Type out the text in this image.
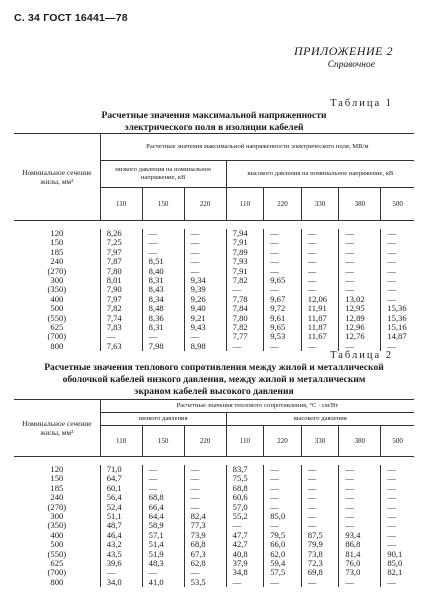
С. 34 ГОСТ 16441—78
ПРИЛОЖЕНИЕ 2
Справочное
Таблица 1
Расчетные значения максимальной напряженности
электрического поля в изоляции кабелей
Номинальное сечение жилы, мм²	Расчетные значения максимальной напряженности электрического поля, МВ/м							
	низкого давления на номинальное напряжение, кВ			высокого давления на номинальное напряжение, кВ				
	110	150	220	110	220	330	380	500

120	8,26	—	—	7,94	—	—	—	—
150	7,25	—	—	7,91	—	—	—	—
185	7,97	—	—	7,89	—	—	—	—
240	7,87	8,51	—	7,93	—	—	—	—
(270)	7,80	8,40	—	7,91	—	—	—	—
300	8,01	8,31	9,34	7,82	9,65	—	—	—
(350)	7,90	8,43	9,39	—	—	—	—	—
400	7,97	8,34	9,26	7,78	9,67	12,06	13,02	—
500	7,82	8,48	9,40	7,84	9,72	11,91	12,95	15,36
(550)	7,74	8,36	9,21	7,80	9,61	11,87	12,89	15,36
625	7,83	8,31	9,43	7,82	9,65	11,87	12,96	15,16
(700)	—	—	—	7,77	9,53	11,67	12,76	14,87
800	7,63	7,98	8,98	—	—	—	—	—
Таблица 2
Расчетные значения теплового сопротивления между жилой и металлической
оболочкой кабелей низкого давления, между жилой и металлическим
экраном кабелей высокого давления
Номинальное сечение жилы, мм²	Расчетные значения теплового сопротивления, °С · см/Вт							
	низкого давления			высокого давления				
	110	150	220	110	220	330	380	500

120	71,0	—	—	83,7	—	—	—	—
150	64,7	—	—	75,5	—	—	—	—
185	60,1	—	—	68,8	—	—	—	—
240	56,4	68,8	—	60,6	—	—	—	—
(270)	52,4	66,4	—	57,0	—	—	—	—
300	51,1	64,4	82,4	55,2	85,0	—	—	—
(350)	48,7	58,9	77,3	—	—	—	—	—
400	46,4	57,1	73,9	47,7	79,5	87,5	93,4	—
500	43,2	51,4	68,8	42,7	66,0	79,9	86,8	—
(550)	43,5	51,9	67,3	40,8	62,0	73,8	81,4	90,1
625	39,6	48,3	62,8	37,9	59,4	72,3	76,0	85,0
(700)	—	—	—	34,8	57,5	69,8	73,0	82,1
800	34,0	41,0	53,5	—	—	—	—	—
